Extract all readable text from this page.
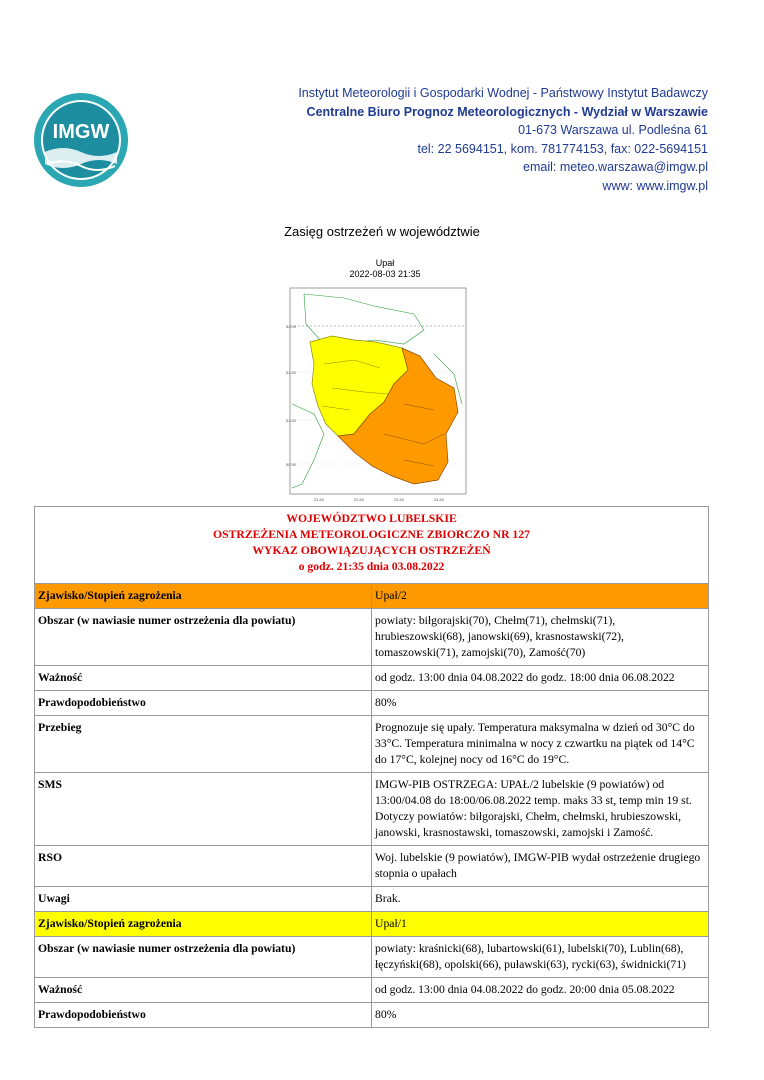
IMGW
Instytut Meteorologii i Gospodarki Wodnej - Państwowy Instytut Badawczy
Centralne Biuro Prognoz Meteorologicznych - Wydział w Warszawie
01-673 Warszawa ul. Podleśna 61
tel: 22 5694151, kom. 781774153, fax: 022-5694151
email: meteo.warszawa@imgw.pl
www: www.imgw.pl
Zasięg ostrzeżeń w województwie
Upał
2022-08-03 21:35
52.00
51.50
51.00
50.50
21.50	22.50	23.50	24.50
WOJEWÓDZTWO LUBELSKIE
OSTRZEŻENIA METEOROLOGICZNE ZBIORCZO NR 127
WYKAZ OBOWIĄZUJĄCYCH OSTRZEŻEŃ
o godz. 21:35 dnia 03.08.2022	

Zjawisko/Stopień zagrożenia	Upał/2
Obszar (w nawiasie numer ostrzeżenia dla powiatu)	powiaty: biłgorajski(70), Chełm(71), chełmski(71), hrubieszowski(68), janowski(69), krasnostawski(72), tomaszowski(71), zamojski(70), Zamość(70)
Ważność	od godz. 13:00 dnia 04.08.2022 do godz. 18:00 dnia 06.08.2022
Prawdopodobieństwo	80%
Przebieg	Prognozuje się upały. Temperatura maksymalna w dzień od 30°C do 33°C. Temperatura minimalna w nocy z czwartku na piątek od 14°C do 17°C, kolejnej nocy od 16°C do 19°C.
SMS	IMGW-PIB OSTRZEGA: UPAŁ/2 lubelskie (9 powiatów) od 13:00/04.08 do 18:00/06.08.2022 temp. maks 33 st, temp min 19 st. Dotyczy powiatów: biłgorajski, Chełm, chełmski, hrubieszowski, janowski, krasnostawski, tomaszowski, zamojski i Zamość.
RSO	Woj. lubelskie (9 powiatów), IMGW-PIB wydał ostrzeżenie drugiego stopnia o upałach
Uwagi	Brak.
Zjawisko/Stopień zagrożenia	Upał/1
Obszar (w nawiasie numer ostrzeżenia dla powiatu)	powiaty: kraśnicki(68), lubartowski(61), lubelski(70), Lublin(68), łęczyński(68), opolski(66), puławski(63), rycki(63), świdnicki(71)
Ważność	od godz. 13:00 dnia 04.08.2022 do godz. 20:00 dnia 05.08.2022
Prawdopodobieństwo	80%
